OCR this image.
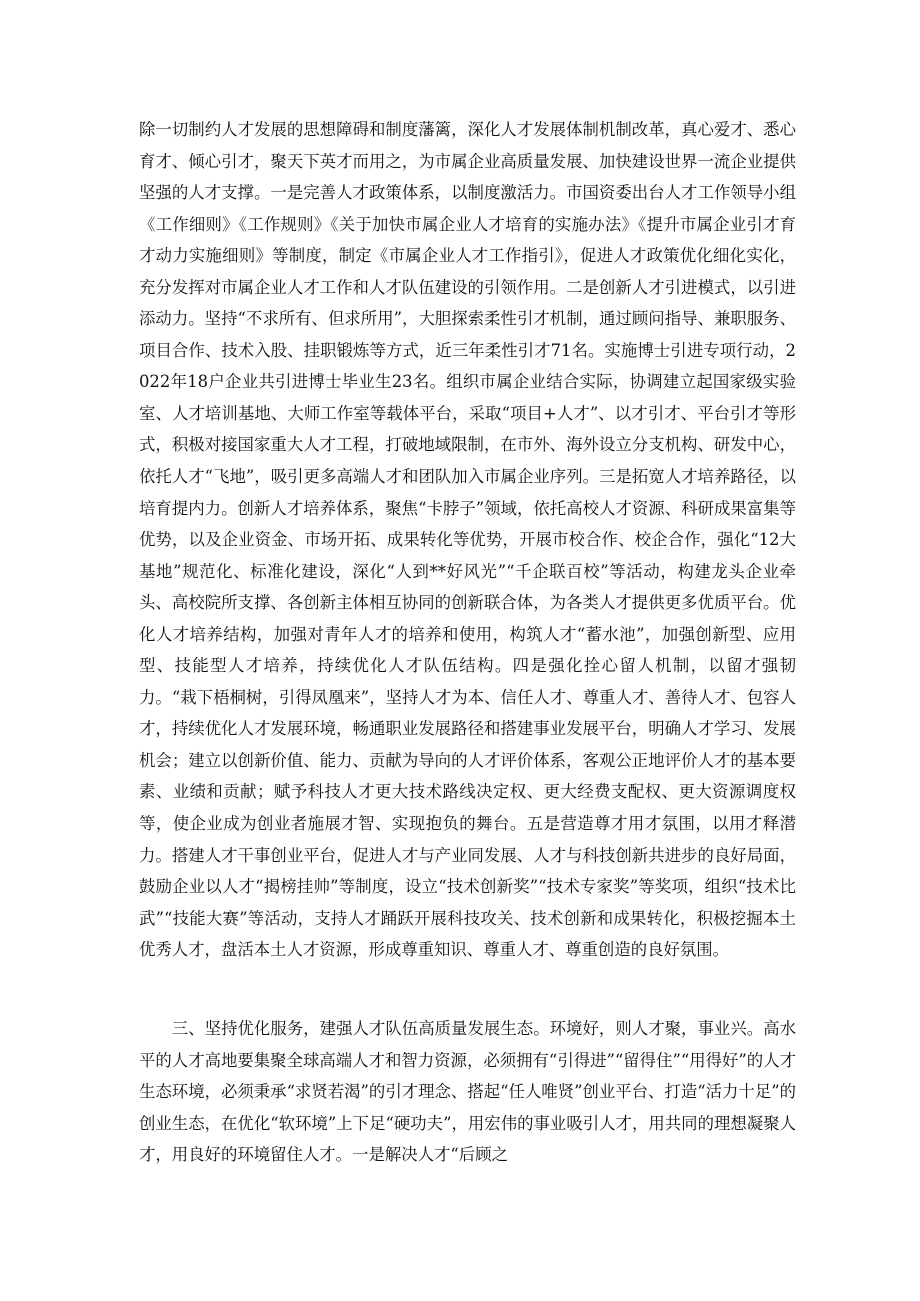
除一切制约人才发展的思想障碍和制度藩篱，深化人才发展体制机制改革，真心爱才、悉心育才、倾心引才，聚天下英才而用之，为市属企业高质量发展、加快建设世界一流企业提供坚强的人才支撑。一是完善人才政策体系，以制度激活力。市国资委出台人才工作领导小组《工作细则》《工作规则》《关于加快市属企业人才培育的实施办法》《提升市属企业引才育才动力实施细则》等制度，制定《市属企业人才工作指引》，促进人才政策优化细化实化，充分发挥对市属企业人才工作和人才队伍建设的引领作用。二是创新人才引进模式，以引进添动力。坚持“不求所有、但求所用”，大胆探索柔性引才机制，通过顾问指导、兼职服务、项目合作、技术入股、挂职锻炼等方式，近三年柔性引才71名。实施博士引进专项行动，2022年18户企业共引进博士毕业生23名。组织市属企业结合实际，协调建立起国家级实验室、人才培训基地、大师工作室等载体平台，采取“项目+人才”、以才引才、平台引才等形式，积极对接国家重大人才工程，打破地域限制，在市外、海外设立分支机构、研发中心，依托人才“飞地”，吸引更多高端人才和团队加入市属企业序列。三是拓宽人才培养路径，以培育提内力。创新人才培养体系，聚焦“卡脖子”领域，依托高校人才资源、科研成果富集等优势，以及企业资金、市场开拓、成果转化等优势，开展市校合作、校企合作，强化“12大基地”规范化、标准化建设，深化“人到**好风光”“千企联百校”等活动，构建龙头企业牵头、高校院所支撑、各创新主体相互协同的创新联合体，为各类人才提供更多优质平台。优化人才培养结构，加强对青年人才的培养和使用，构筑人才“蓄水池”，加强创新型、应用型、技能型人才培养，持续优化人才队伍结构。四是强化拴心留人机制，以留才强韧力。“栽下梧桐树，引得凤凰来”，坚持人才为本、信任人才、尊重人才、善待人才、包容人才，持续优化人才发展环境，畅通职业发展路径和搭建事业发展平台，明确人才学习、发展机会；建立以创新价值、能力、贡献为导向的人才评价体系，客观公正地评价人才的基本要素、业绩和贡献；赋予科技人才更大技术路线决定权、更大经费支配权、更大资源调度权等，使企业成为创业者施展才智、实现抱负的舞台。五是营造尊才用才氛围，以用才释潜力。搭建人才干事创业平台，促进人才与产业同发展、人才与科技创新共进步的良好局面，鼓励企业以人才“揭榜挂帅”等制度，设立“技术创新奖”“技术专家奖”等奖项，组织“技术比武”“技能大赛”等活动，支持人才踊跃开展科技攻关、技术创新和成果转化，积极挖掘本土优秀人才，盘活本土人才资源，形成尊重知识、尊重人才、尊重创造的良好氛围。

三、坚持优化服务，建强人才队伍高质量发展生态。环境好，则人才聚，事业兴。高水平的人才高地要集聚全球高端人才和智力资源，必须拥有“引得进”“留得住”“用得好”的人才生态环境，必须秉承“求贤若渴”的引才理念、搭起“任人唯贤”创业平台、打造“活力十足”的创业生态，在优化“软环境”上下足“硬功夫”，用宏伟的事业吸引人才，用共同的理想凝聚人才，用良好的环境留住人才。一是解决人才“后顾之
